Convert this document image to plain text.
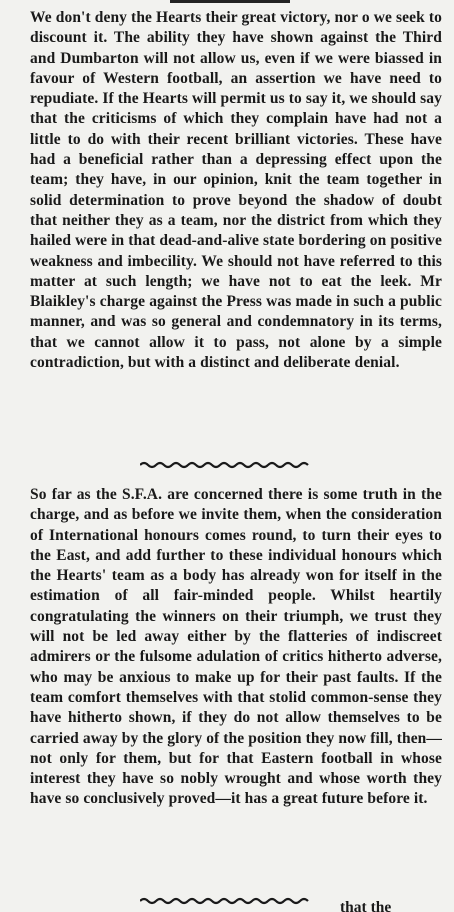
We don't deny the Hearts their great victory, nor o we seek to discount it. The ability they have shown against the Third and Dumbarton will not allow us, even if we were biassed in favour of Western football, an assertion we have need to repudiate. If the Hearts will permit us to say it, we should say that the criticisms of which they complain have had not a little to do with their recent brilliant victories. These have had a beneficial rather than a depressing effect upon the team; they have, in our opinion, knit the team together in solid determination to prove beyond the shadow of doubt that neither they as a team, nor the district from which they hailed were in that dead-and-alive state bordering on positive weakness and imbecility. We should not have referred to this matter at such length; we have not to eat the leek. Mr Blaikley's charge against the Press was made in such a public manner, and was so general and condemnatory in its terms, that we cannot allow it to pass, not alone by a simple contradiction, but with a distinct and deliberate denial.
So far as the S.F.A. are concerned there is some truth in the charge, and as before we invite them, when the consideration of International honours comes round, to turn their eyes to the East, and add further to these individual honours which the Hearts' team as a body has already won for itself in the estimation of all fair-minded people. Whilst heartily congratulating the winners on their triumph, we trust they will not be led away either by the flatteries of indiscreet admirers or the fulsome adulation of critics hitherto adverse, who may be anxious to make up for their past faults. If the team comfort themselves with that stolid common-sense they have hitherto shown, if they do not allow themselves to be carried away by the glory of the position they now fill, then—not only for them, but for that Eastern football in whose interest they have so nobly wrought and whose worth they have so conclusively proved—it has a great future before it.
that the
